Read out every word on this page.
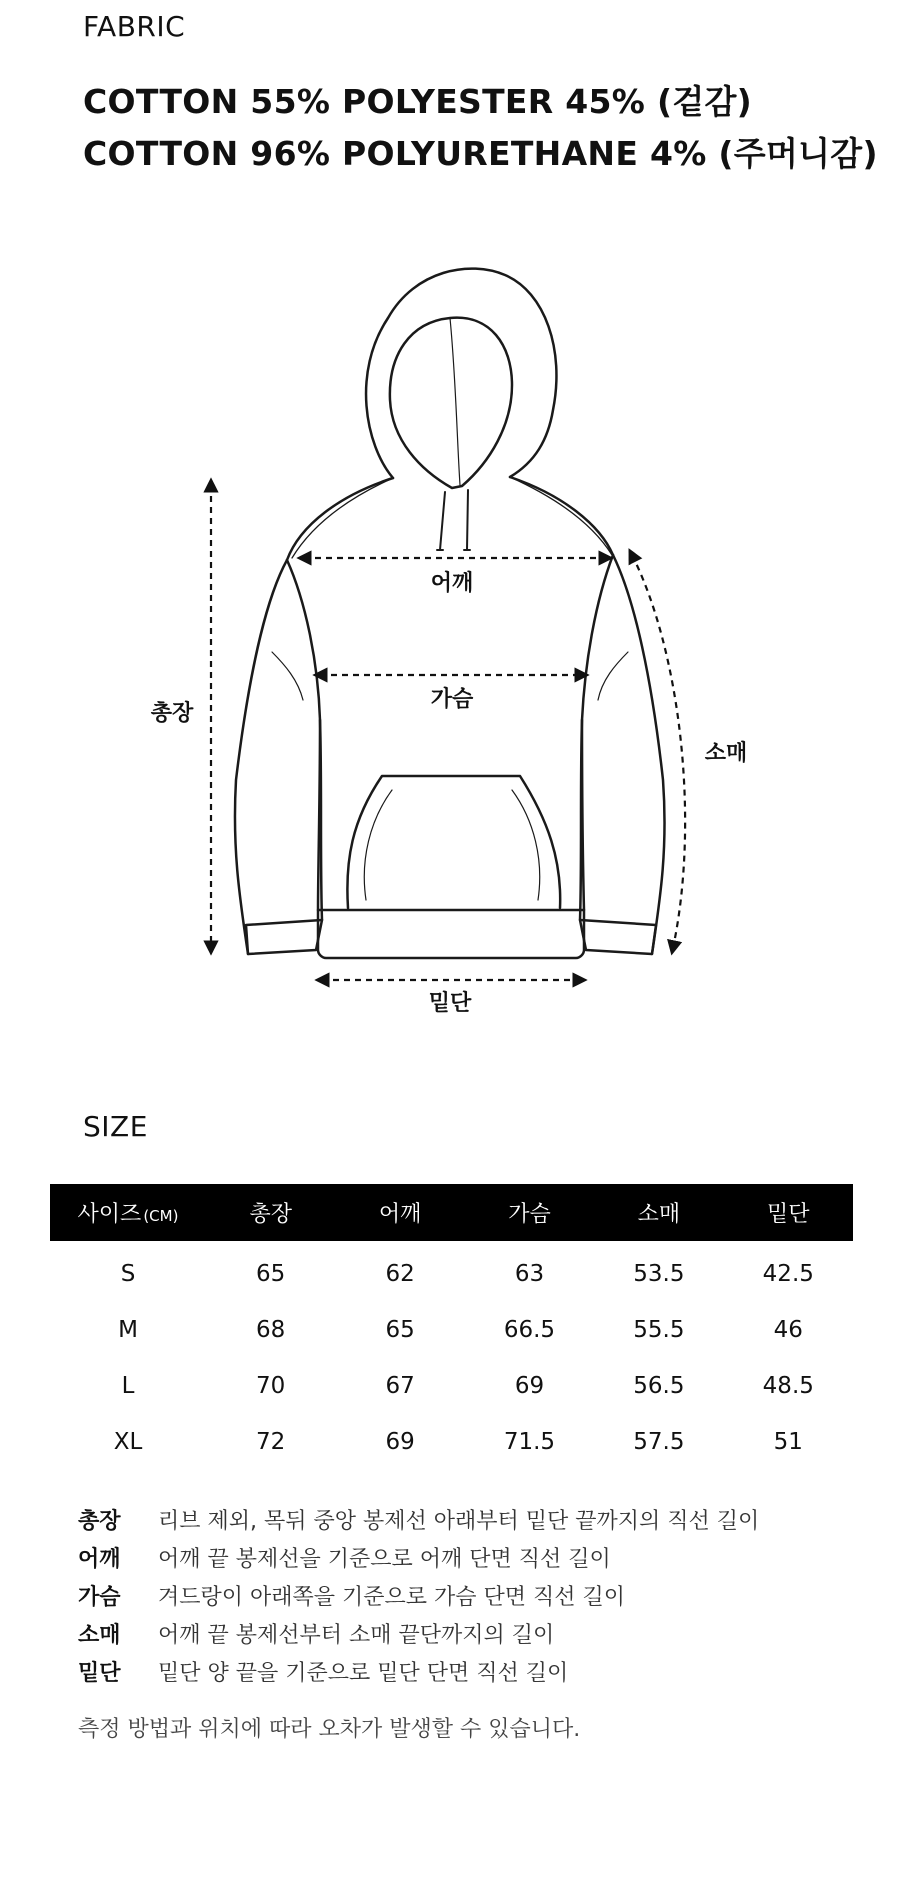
FABRIC
COTTON 55% POLYESTER 45% (겉감)
COTTON 96% POLYURETHANE 4% (주머니감)
어깨
가슴
총장
소매
밑단
SIZE
사이즈 (CM)	총장	어깨	가슴	소매	밑단
S	65	62	63	53.5	42.5
M	68	65	66.5	55.5	46
L	70	67	69	56.5	48.5
XL	72	69	71.5	57.5	51
총장	리브 제외, 목뒤 중앙 봉제선 아래부터 밑단 끝까지의 직선 길이
어깨	어깨 끝 봉제선을 기준으로 어깨 단면 직선 길이
가슴	겨드랑이 아래쪽을 기준으로 가슴 단면 직선 길이
소매	어깨 끝 봉제선부터 소매 끝단까지의 길이
밑단	밑단 양 끝을 기준으로 밑단 단면 직선 길이
측정 방법과 위치에 따라 오차가 발생할 수 있습니다.
